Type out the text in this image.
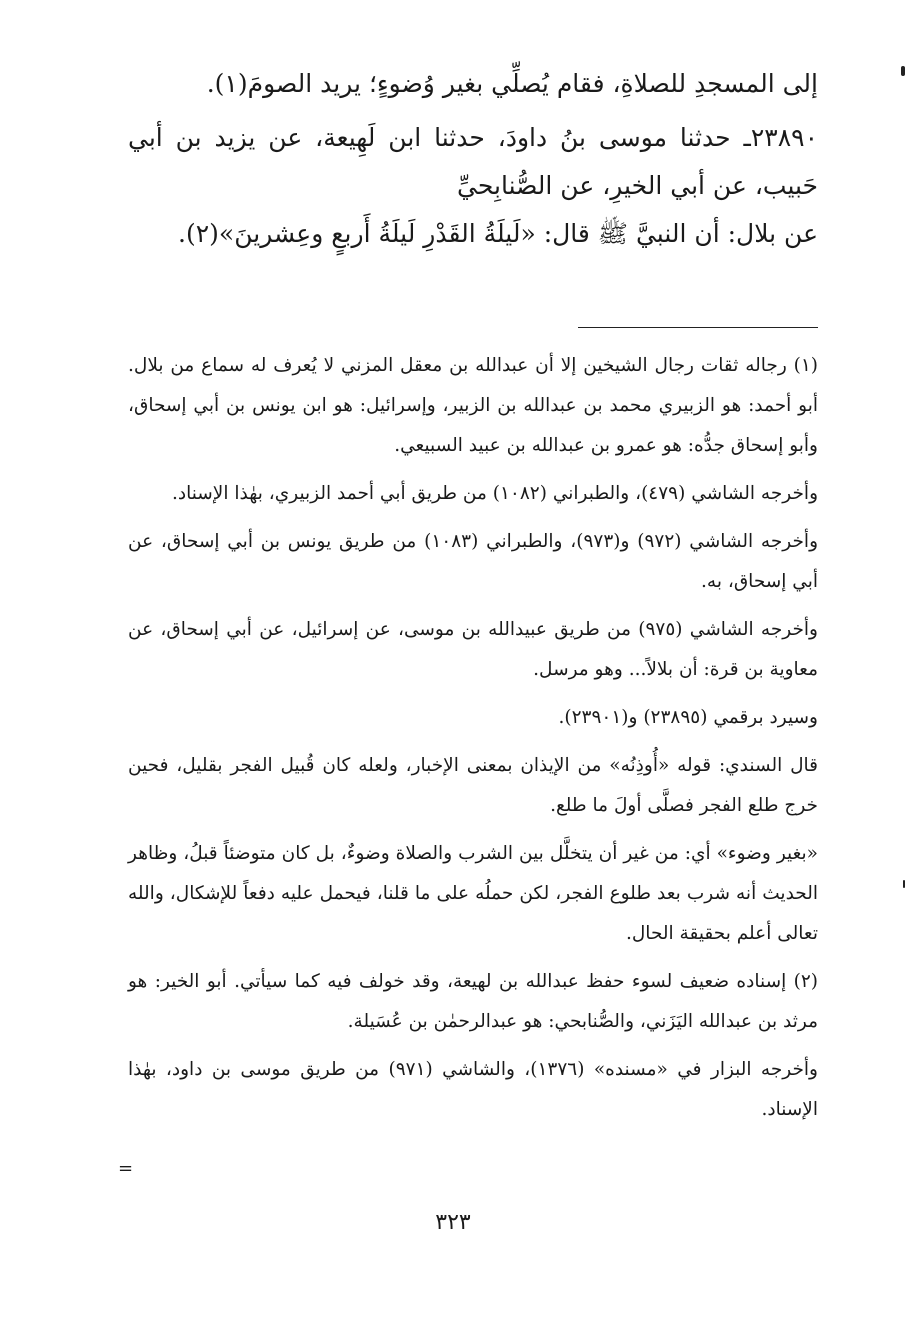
إلى المسجدِ للصلاةِ، فقام يُصلِّي بغير وُضوءٍ؛ يريد الصومَ(١).

٢٣٨٩٠ـ حدثنا موسى بنُ داودَ، حدثنا ابن لَهِيعة، عن يزيد بن أبي حَبيب، عن أبي الخيرِ، عن الصُّنابِحيِّ

عن بلال: أن النبيَّ ﷺ قال: «لَيلَةُ القَدْرِ لَيلَةُ أَربعٍ وعِشرينَ»(٢).

(١) رجاله ثقات رجال الشيخين إلا أن عبدالله بن معقل المزني لا يُعرف له سماع من بلال. أبو أحمد: هو الزبيري محمد بن عبدالله بن الزبير، وإسرائيل: هو ابن يونس بن أبي إسحاق، وأبو إسحاق جدُّه: هو عمرو بن عبدالله بن عبيد السبيعي.

وأخرجه الشاشي (٤٧٩)، والطبراني (١٠٨٢) من طريق أبي أحمد الزبيري، بهٰذا الإسناد.

وأخرجه الشاشي (٩٧٢) و(٩٧٣)، والطبراني (١٠٨٣) من طريق يونس بن أبي إسحاق، عن أبي إسحاق، به.

وأخرجه الشاشي (٩٧٥) من طريق عبيدالله بن موسى، عن إسرائيل، عن أبي إسحاق، عن معاوية بن قرة: أن بلالاً... وهو مرسل.

وسيرد برقمي (٢٣٨٩٥) و(٢٣٩٠١).

قال السندي: قوله «أُوذِنُه» من الإيذان بمعنى الإخبار، ولعله كان قُبيل الفجر بقليل، فحين خرج طلع الفجر فصلَّى أولَ ما طلع.

«بغير وضوء» أي: من غير أن يتخلَّل بين الشرب والصلاة وضوءٌ، بل كان متوضئاً قبلُ، وظاهر الحديث أنه شرب بعد طلوع الفجر، لكن حملُه على ما قلنا، فيحمل عليه دفعاً للإشكال، والله تعالى أعلم بحقيقة الحال.

(٢) إسناده ضعيف لسوء حفظ عبدالله بن لهيعة، وقد خولف فيه كما سيأتي. أبو الخير: هو مرثد بن عبدالله اليَزَني، والصُّنابحي: هو عبدالرحمٰن بن عُسَيلة.

وأخرجه البزار في «مسنده» (١٣٧٦)، والشاشي (٩٧١) من طريق موسى بن داود، بهٰذا الإسناد.

=
٣٢٣
